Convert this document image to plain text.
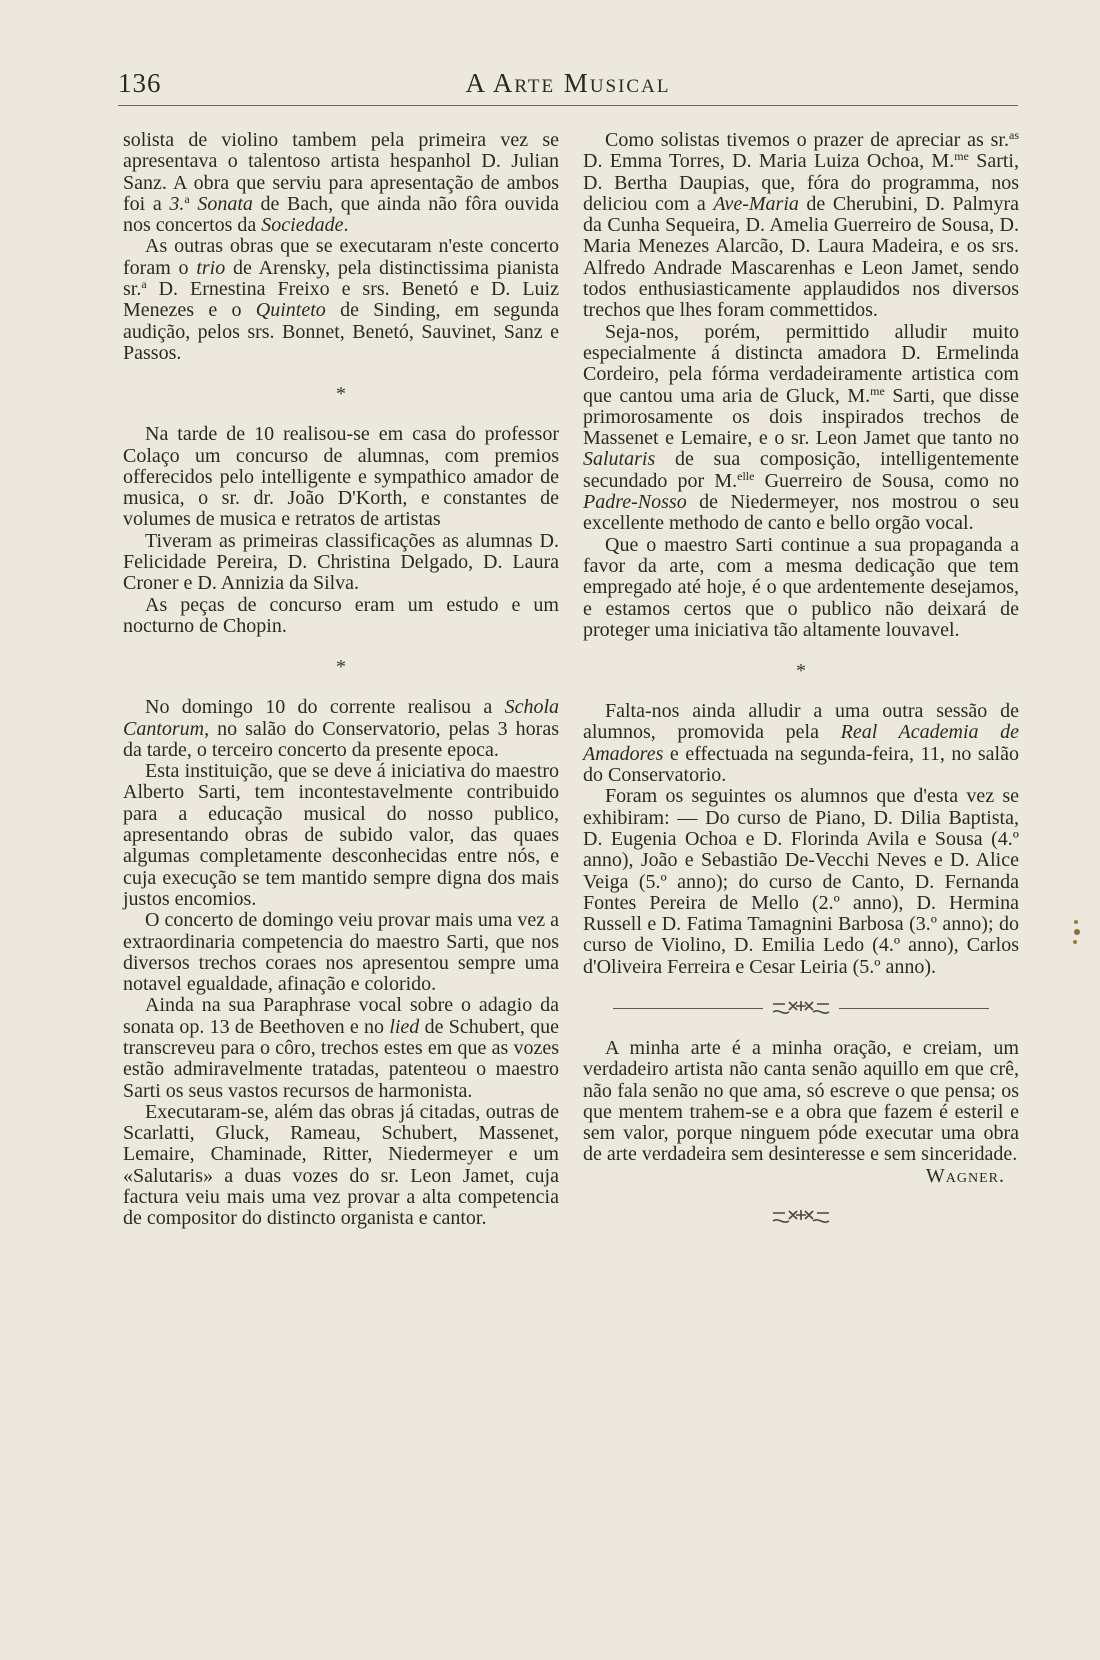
136	A Arte Musical

solista de violino tambem pela primeira vez se apresentava o talentoso artista hespanhol D. Julian Sanz. A obra que serviu para apresentação de ambos foi a 3.$^a$ Sonata de Bach, que ainda não fôra ouvida nos concertos da Sociedade.

As outras obras que se executaram n'este concerto foram o trio de Arensky, pela distinctissima pianista sr.$^a$ D. Ernestina Freixo e srs. Benetó e D. Luiz Menezes e o Quinteto de Sinding, em segunda audição, pelos srs. Bonnet, Benetó, Sauvinet, Sanz e Passos.

*

Na tarde de 10 realisou-se em casa do professor Colaço um concurso de alumnas, com premios offerecidos pelo intelligente e sympathico amador de musica, o sr. dr. João D'Korth, e constantes de volumes de musica e retratos de artistas

Tiveram as primeiras classificações as alumnas D. Felicidade Pereira, D. Christina Delgado, D. Laura Croner e D. Annizia da Silva.

As peças de concurso eram um estudo e um nocturno de Chopin.

*

No domingo 10 do corrente realisou a Schola Cantorum, no salão do Conservatorio, pelas 3 horas da tarde, o terceiro concerto da presente epoca.

Esta instituição, que se deve á iniciativa do maestro Alberto Sarti, tem incontestavelmente contribuido para a educação musical do nosso publico, apresentando obras de subido valor, das quaes algumas completamente desconhecidas entre nós, e cuja execução se tem mantido sempre digna dos mais justos encomios.

O concerto de domingo veiu provar mais uma vez a extraordinaria competencia do maestro Sarti, que nos diversos trechos coraes nos apresentou sempre uma notavel egualdade, afinação e colorido.

Ainda na sua Paraphrase vocal sobre o adagio da sonata op. 13 de Beethoven e no lied de Schubert, que transcreveu para o côro, trechos estes em que as vozes estão admiravelmente tratadas, patenteou o maestro Sarti os seus vastos recursos de harmonista.

Executaram-se, além das obras já citadas, outras de Scarlatti, Gluck, Rameau, Schubert, Massenet, Lemaire, Chaminade, Ritter, Niedermeyer e um «Salutaris» a duas vozes do sr. Leon Jamet, cuja factura veiu mais uma vez provar a alta competencia de compositor do distincto organista e cantor.

Como solistas tivemos o prazer de apreciar as sr.$^{as}$ D. Emma Torres, D. Maria Luiza Ochoa, M.$^{me}$ Sarti, D. Bertha Daupias, que, fóra do programma, nos deliciou com a Ave-Maria de Cherubini, D. Palmyra da Cunha Sequeira, D. Amelia Guerreiro de Sousa, D. Maria Menezes Alarcão, D. Laura Madeira, e os srs. Alfredo Andrade Mascarenhas e Leon Jamet, sendo todos enthusiasticamente applaudidos nos diversos trechos que lhes foram commettidos.

Seja-nos, porém, permittido alludir muito especialmente á distincta amadora D. Ermelinda Cordeiro, pela fórma verdadeiramente artistica com que cantou uma aria de Gluck, M.$^{me}$ Sarti, que disse primorosamente os dois inspirados trechos de Massenet e Lemaire, e o sr. Leon Jamet que tanto no Salutaris de sua composição, intelligentemente secundado por M.$^{elle}$ Guerreiro de Sousa, como no Padre-Nosso de Niedermeyer, nos mostrou o seu excellente methodo de canto e bello orgão vocal.

Que o maestro Sarti continue a sua propaganda a favor da arte, com a mesma dedicação que tem empregado até hoje, é o que ardentemente desejamos, e estamos certos que o publico não deixará de proteger uma iniciativa tão altamente louvavel.

*

Falta-nos ainda alludir a uma outra sessão de alumnos, promovida pela Real Academia de Amadores e effectuada na segunda-feira, 11, no salão do Conservatorio.

Foram os seguintes os alumnos que d'esta vez se exhibiram: — Do curso de Piano, D. Dilia Baptista, D. Eugenia Ochoa e D. Florinda Avila e Sousa (4.º anno), João e Sebastião De-Vecchi Neves e D. Alice Veiga (5.º anno); do curso de Canto, D. Fernanda Fontes Pereira de Mello (2.º anno), D. Hermina Russell e D. Fatima Tamagnini Barbosa (3.º anno); do curso de Violino, D. Emilia Ledo (4.º anno), Carlos d'Oliveira Ferreira e Cesar Leiria (5.º anno).

A minha arte é a minha oração, e creiam, um verdadeiro artista não canta senão aquillo em que crê, não fala senão no que ama, só escreve o que pensa; os que mentem trahem-se e a obra que fazem é esteril e sem valor, porque ninguem póde executar uma obra de arte verdadeira sem desinteresse e sem sinceridade.

Wagner.
